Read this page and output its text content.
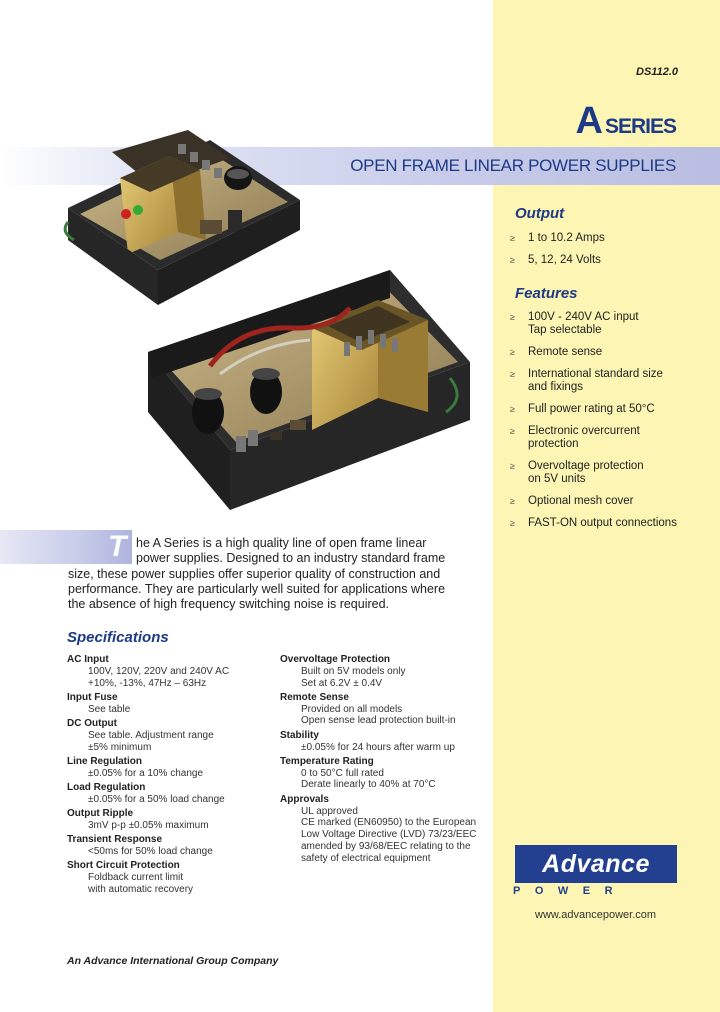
DS112.0
ASERIES
OPEN FRAME LINEAR POWER SUPPLIES
Output
≥ 1 to 10.2 Amps
≥ 5, 12, 24 Volts
Features
≥ 100V - 240V AC input
Tap selectable
≥ Remote sense
≥ International standard size
and fixings
≥ Full power rating at 50°C
≥ Electronic overcurrent
protection
≥ Overvoltage protection
on 5V units
≥ Optional mesh cover
≥ FAST-ON output connections
T he A Series is a high quality line of open frame linear
power supplies. Designed to an industry standard frame
size, these power supplies offer superior quality of construction and
performance. They are particularly well suited for applications where
the absence of high frequency switching noise is required.
Specifications
AC Input
100V, 120V, 220V and 240V AC
+10%, -13%, 47Hz – 63Hz
Input Fuse
See table
DC Output
See table. Adjustment range
±5% minimum
Line Regulation
±0.05% for a 10% change
Load Regulation
±0.05% for a 50% load change
Output Ripple
3mV p-p ±0.05% maximum
Transient Response
<50ms for 50% load change
Short Circuit Protection
Foldback current limit
with automatic recovery
Overvoltage Protection
Built on 5V models only
Set at 6.2V ± 0.4V
Remote Sense
Provided on all models
Open sense lead protection built-in
Stability
±0.05% for 24 hours after warm up
Temperature Rating
0 to 50°C full rated
Derate linearly to 40% at 70°C
Approvals
UL approved
CE marked (EN60950) to the European
Low Voltage Directive (LVD) 73/23/EEC
amended by 93/68/EEC relating to the
safety of electrical equipment	Advance
POWER
www.advancepower.com
An Advance International Group Company
